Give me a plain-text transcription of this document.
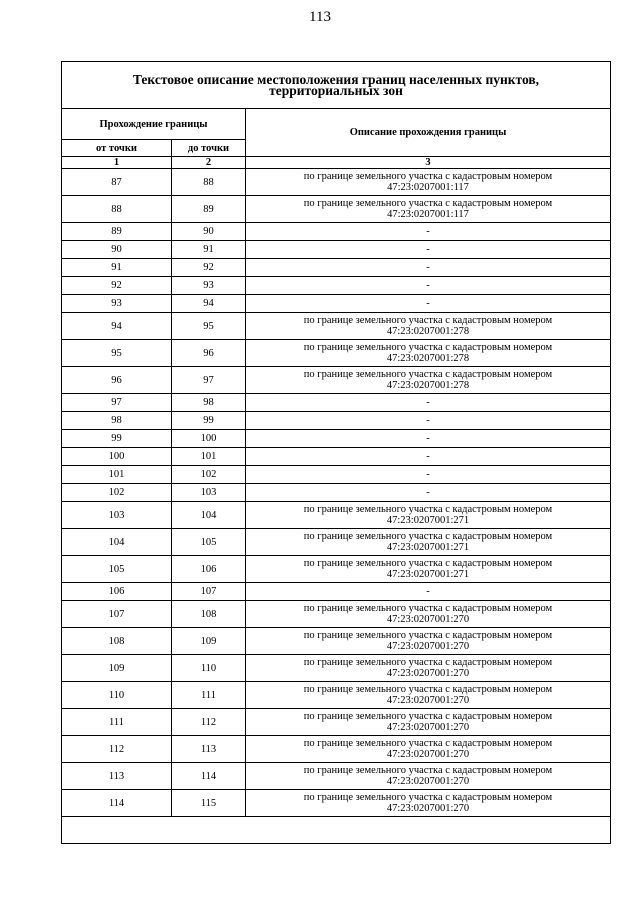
113
Текстовое описание местоположения границ населенных пунктов,
территориальных зон		
Прохождение границы		Описание прохождения границы
от точки	до точки	
1	2	3
87	88	по границе земельного участка с кадастровым номером
47:23:0207001:117
88	89	по границе земельного участка с кадастровым номером
47:23:0207001:117
89	90	-
90	91	-
91	92	-
92	93	-
93	94	-
94	95	по границе земельного участка с кадастровым номером
47:23:0207001:278
95	96	по границе земельного участка с кадастровым номером
47:23:0207001:278
96	97	по границе земельного участка с кадастровым номером
47:23:0207001:278
97	98	-
98	99	-
99	100	-
100	101	-
101	102	-
102	103	-
103	104	по границе земельного участка с кадастровым номером
47:23:0207001:271
104	105	по границе земельного участка с кадастровым номером
47:23:0207001:271
105	106	по границе земельного участка с кадастровым номером
47:23:0207001:271
106	107	-
107	108	по границе земельного участка с кадастровым номером
47:23:0207001:270
108	109	по границе земельного участка с кадастровым номером
47:23:0207001:270
109	110	по границе земельного участка с кадастровым номером
47:23:0207001:270
110	111	по границе земельного участка с кадастровым номером
47:23:0207001:270
111	112	по границе земельного участка с кадастровым номером
47:23:0207001:270
112	113	по границе земельного участка с кадастровым номером
47:23:0207001:270
113	114	по границе земельного участка с кадастровым номером
47:23:0207001:270
114	115	по границе земельного участка с кадастровым номером
47:23:0207001:270
